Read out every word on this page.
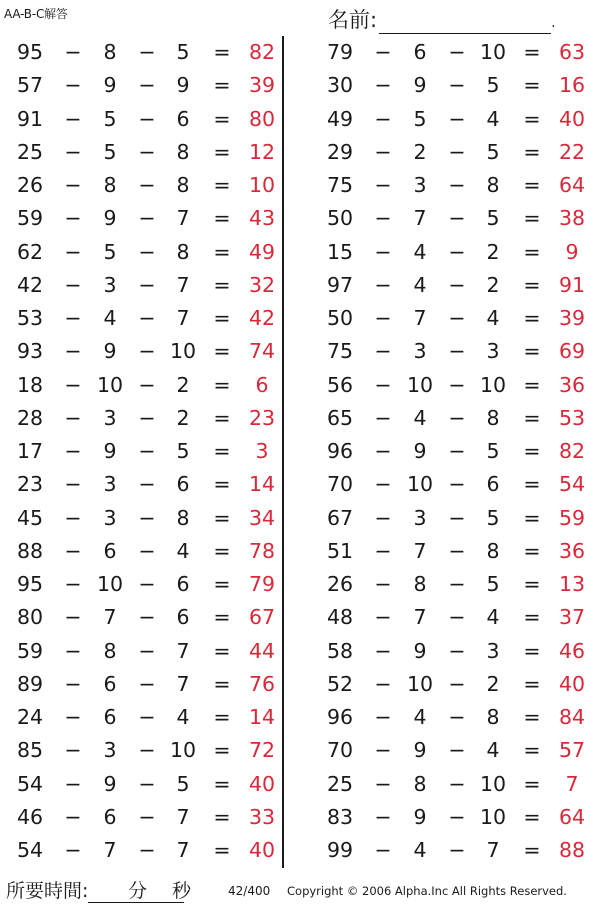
AA-B-C解答	名前:	.
95	−	8	−	5	= 82
57	−	9	−	9	= 39
91	−	5	−	6	= 80
25	−	5	−	8	= 12
26	−	8	−	8	= 10
59	−	9	−	7	= 43
62	−	5	−	8	= 49
42	−	3	−	7	= 32
53	−	4	−	7	= 42
93	−	9	− 10 = 74
18	− 10 −	2	=	6
28	−	3	−	2	= 23
17	−	9	−	5	=	3
23	−	3	−	6	= 14
45	−	3	−	8	= 34
88	−	6	−	4	= 78
95	− 10 −	6	= 79
80	−	7	−	6	= 67
59	−	8	−	7	= 44
89	−	6	−	7	= 76
24	−	6	−	4	= 14
85	−	3	− 10 = 72
54	−	9	−	5	= 40
46	−	6	−	7	= 33
54	−	7	−	7	= 40
79	−	6	− 10 = 63
30	−	9	−	5	= 16
49	−	5	−	4	= 40
29	−	2	−	5	= 22
75	−	3	−	8	= 64
50	−	7	−	5	= 38
15	−	4	−	2	=	9
97	−	4	−	2	= 91
50	−	7	−	4	= 39
75	−	3	−	3	= 69
56	− 10 − 10 = 36
65	−	4	−	8	= 53
96	−	9	−	5	= 82
70	− 10 −	6	= 54
67	−	3	−	5	= 59
51	−	7	−	8	= 36
26	−	8	−	5	= 13
48	−	7	−	4	= 37
58	−	9	−	3	= 46
52	− 10 −	2	= 40
96	−	4	−	8	= 84
70	−	9	−	4	= 57
25	−	8	− 10 =	7
83	−	9	− 10 = 64
99	−	4	−	7	= 88
所要時間:	分 秒	42/400 Copyright © 2006 Alpha.Inc All Rights Reserved.
